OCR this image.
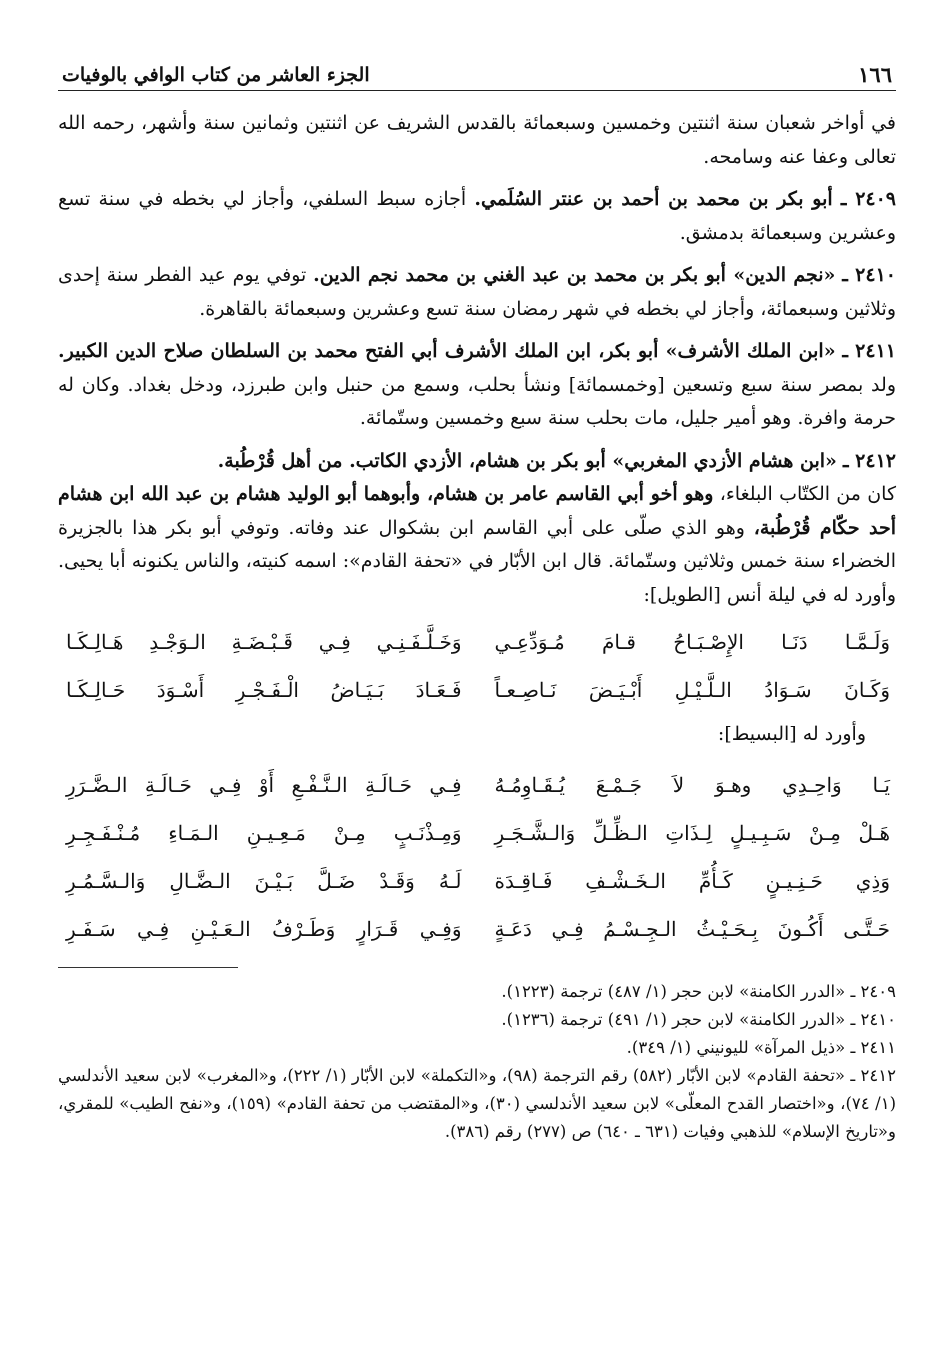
١٦٦
الجزء العاشر من كتاب الوافي بالوفيات

في أواخر شعبان سنة اثنتين وخمسين وسبعمائة بالقدس الشريف عن اثنتين وثمانين سنة وأشهر، رحمه الله تعالى وعفا عنه وسامحه.

٢٤٠٩ ـ أبو بكر بن محمد بن أحمد بن عنتر السُلَمي. أجازه سبط السلفي، وأجاز لي بخطه في سنة تسع وعشرين وسبعمائة بدمشق.

٢٤١٠ ـ «نجم الدين» أبو بكر بن محمد بن عبد الغني بن محمد نجم الدين. توفي يوم عيد الفطر سنة إحدى وثلاثين وسبعمائة، وأجاز لي بخطه في شهر رمضان سنة تسع وعشرين وسبعمائة بالقاهرة.

٢٤١١ ـ «ابن الملك الأشرف» أبو بكر، ابن الملك الأشرف أبي الفتح محمد بن السلطان صلاح الدين الكبير. ولد بمصر سنة سبع وتسعين [وخمسمائة] ونشأ بحلب، وسمع من حنبل وابن طبرزد، ودخل بغداد. وكان له حرمة وافرة. وهو أمير جليل، مات بحلب سنة سبع وخمسين وستّمائة.

٢٤١٢ ـ «ابن هشام الأزدي المغربي» أبو بكر بن هشام، الأزدي الكاتب. من أهل قُرْطُبة.
كان من الكتّاب البلغاء، وهو أخو أبي القاسم عامر بن هشام، وأبوهما أبو الوليد هشام بن عبد الله ابن هشام أحد حكّام قُرْطُبة، وهو الذي صلّى على أبي القاسم ابن بشكوال عند وفاته. وتوفي أبو بكر هذا بالجزيرة الخضراء سنة خمس وثلاثين وستّمائة. قال ابن الأبّار في «تحفة القادم»: اسمه كنيته، والناس يكنونه أبا يحيى. وأورد له في ليلة أنس [الطويل]:

وَلَـمَّـا دَنَـا الإِصْـبَـاحُ قـامَ مُـوَدِّعِـي
وَخَـلَّـفَـنِـي فِـي قَـبْـضَـةِ الـوَجْـدِ هَـالِـكَـا
وَكَـانَ سَـوَادُ الـلَّـيْـلِ أَبْـيَـضَ نَـاصِـعـاً
فَـعَـادَ بَـيَـاضُ الْـفَـجْـرِ أَسْـوَدَ حَـالِـكَـا

وأورد له [البسيط]:

يَـا وَاحِـدِي وهـوَ لاَ جَـمْـعَ يُـقَـاوِمُـهُ
فِـي حَـالَـةِ الـنَّـفْـعِ أَوْ فِـي حَـالَـةِ الـضَّـرَرِ
هَـلْ مِـنْ سَـبِـيـلٍ لِـذَاتِ الـظِّـلِّ وَالـشَّـجَـرِ
وَمِـذْنَـبٍ مِـنْ مَـعِـيـنِ الـمَـاءِ مُـنْـفَـجِـرِ
وَذِي حَـنِـيـنٍ كَـأُمِّ الـخَـشْـفِ فَـاقِـدَة
لَـهُ وَقَـدْ ضَـلَّ بَـيْـنَ الـضَّـالِ وَالـسَّـمُـرِ
حَـتَّـى أَكُـونَ بِـحَـيْـثُ الـجِـسْـمُ فِـي دَعَـةٍ
وَفِـي قَـرَارٍ وَطَـرْفُ الـعَـيْـنِ فِـي سَـفَـرِ
٢٤٠٩ ـ «الدرر الكامنة» لابن حجر (١/ ٤٨٧) ترجمة (١٢٢٣).
٢٤١٠ ـ «الدرر الكامنة» لابن حجر (١/ ٤٩١) ترجمة (١٢٣٦).
٢٤١١ ـ «ذيل المرآة» لليونيني (١/ ٣٤٩).
٢٤١٢ ـ «تحفة القادم» لابن الأبّار (٥٨٢) رقم الترجمة (٩٨)، و«التكملة» لابن الأبّار (١/ ٢٢٢)، و«المغرب» لابن سعيد الأندلسي (١/ ٧٤)، و«اختصار القدح المعلّى» لابن سعيد الأندلسي (٣٠)، و«المقتضب من تحفة القادم» (١٥٩)، و«نفح الطيب» للمقري، و«تاريخ الإسلام» للذهبي وفيات (٦٣١ ـ ٦٤٠) ص (٢٧٧) رقم (٣٨٦).
